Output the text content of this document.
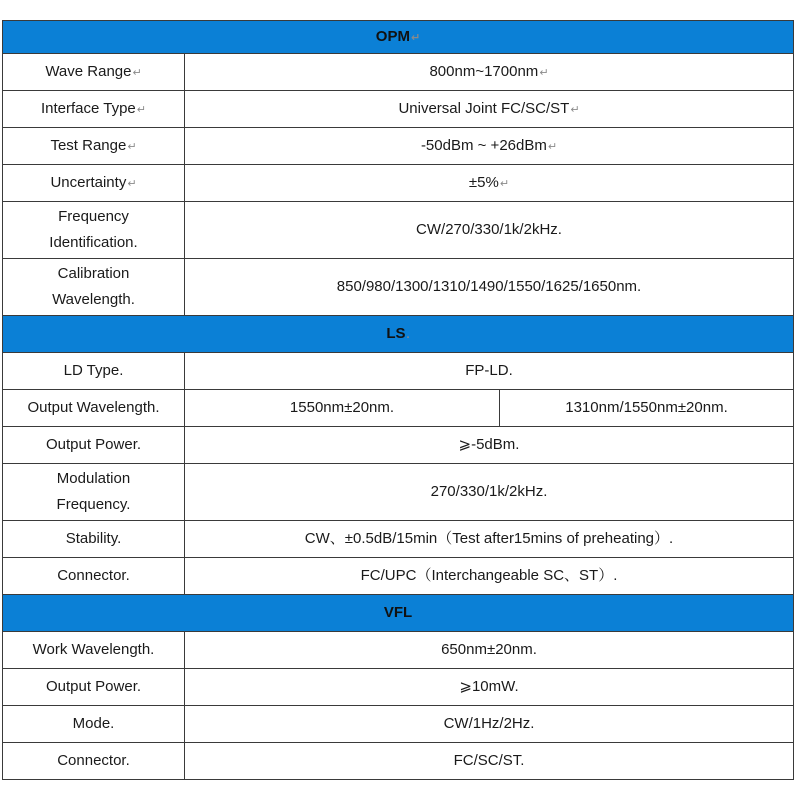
OPM↵		
Wave Range↵	800nm~1700nm↵	
Interface Type↵	Universal Joint FC/SC/ST↵	
Test Range↵	-50dBm ~ +26dBm↵	
Uncertainty↵	±5%↵	

Frequency
Identification.	CW/270/330/1k/2kHz.	

Calibration
Wavelength.	850/980/1300/1310/1490/1550/1625/1650nm.	
LS.		
LD Type.	FP-LD.	
Output Wavelength.	1550nm±20nm.	1310nm/1550nm±20nm.
Output Power.	⩾-5dBm.	

Modulation
Frequency.	270/330/1k/2kHz.	
Stability.	CW、±0.5dB/15min（Test after15mins of preheating）.	
Connector.	FC/UPC（Interchangeable SC、ST）.	
VFL		
Work Wavelength.	650nm±20nm.	
Output Power.	⩾10mW.	
Mode.	CW/1Hz/2Hz.	
Connector.	FC/SC/ST.	
